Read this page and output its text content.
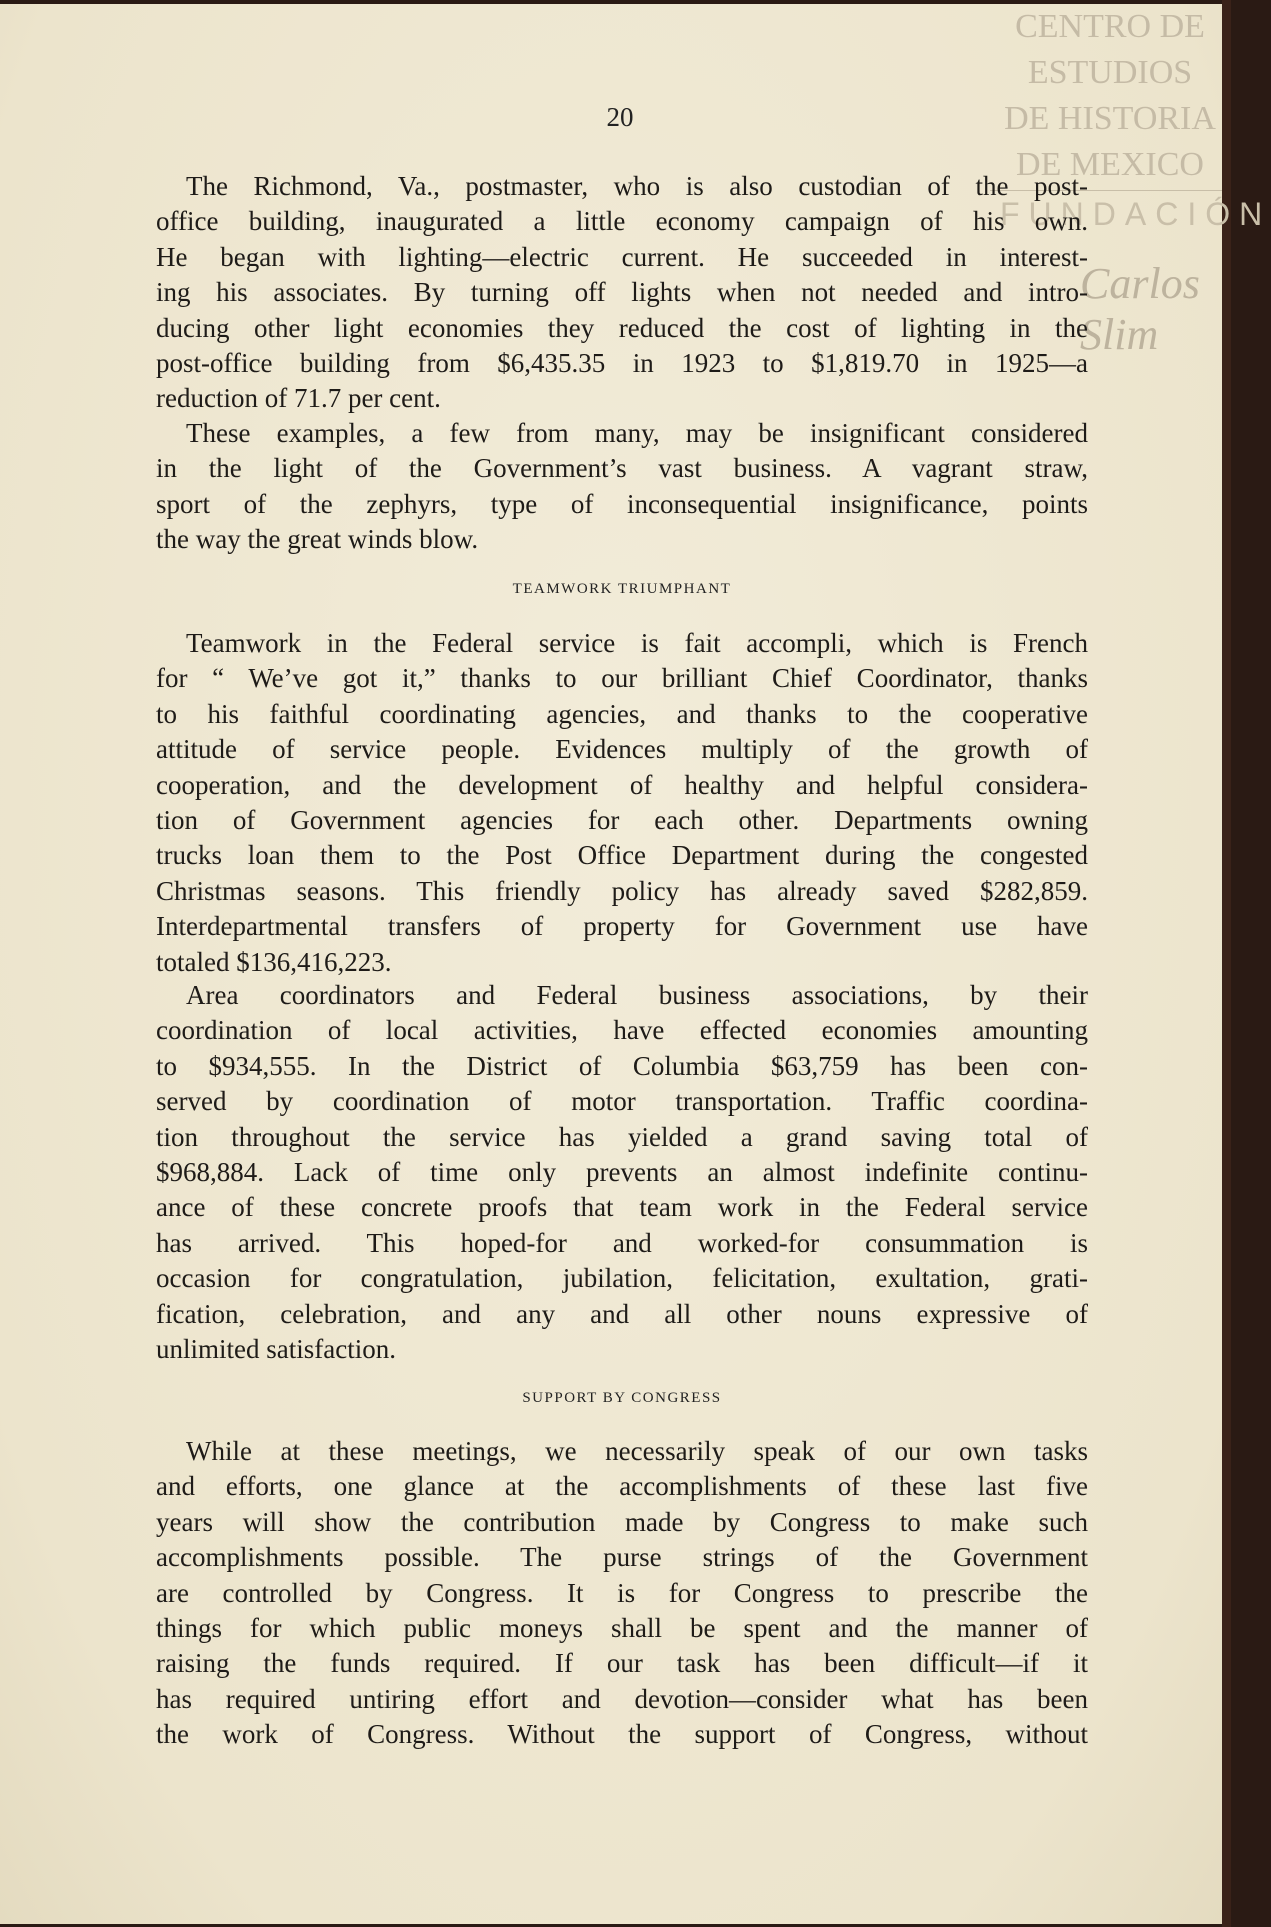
CENTRO DE
ESTUDIOS
DE HISTORIA
DE MEXICO
FUNDACIÓN
Carlos Slim
20
The Richmond, Va., postmaster, who is also custodian of the post-
office building, inaugurated a little economy campaign of his own.
He began with lighting—electric current. He succeeded in interest-
ing his associates. By turning off lights when not needed and intro-
ducing other light economies they reduced the cost of lighting in the
post-office building from $6,435.35 in 1923 to $1,819.70 in 1925—a
reduction of 71.7 per cent.
These examples, a few from many, may be insignificant considered
in the light of the Government’s vast business. A vagrant straw,
sport of the zephyrs, type of inconsequential insignificance, points
the way the great winds blow.
TEAMWORK TRIUMPHANT
Teamwork in the Federal service is fait accompli, which is French
for “ We’ve got it,” thanks to our brilliant Chief Coordinator, thanks
to his faithful coordinating agencies, and thanks to the cooperative
attitude of service people. Evidences multiply of the growth of
cooperation, and the development of healthy and helpful considera-
tion of Government agencies for each other. Departments owning
trucks loan them to the Post Office Department during the congested
Christmas seasons. This friendly policy has already saved $282,859.
Interdepartmental transfers of property for Government use have
totaled $136,416,223.
Area coordinators and Federal business associations, by their
coordination of local activities, have effected economies amounting
to $934,555. In the District of Columbia $63,759 has been con-
served by coordination of motor transportation. Traffic coordina-
tion throughout the service has yielded a grand saving total of
$968,884. Lack of time only prevents an almost indefinite continu-
ance of these concrete proofs that team work in the Federal service
has arrived. This hoped-for and worked-for consummation is
occasion for congratulation, jubilation, felicitation, exultation, grati-
fication, celebration, and any and all other nouns expressive of
unlimited satisfaction.
SUPPORT BY CONGRESS
While at these meetings, we necessarily speak of our own tasks
and efforts, one glance at the accomplishments of these last five
years will show the contribution made by Congress to make such
accomplishments possible. The purse strings of the Government
are controlled by Congress. It is for Congress to prescribe the
things for which public moneys shall be spent and the manner of
raising the funds required. If our task has been difficult—if it
has required untiring effort and devotion—consider what has been
the work of Congress. Without the support of Congress, without
